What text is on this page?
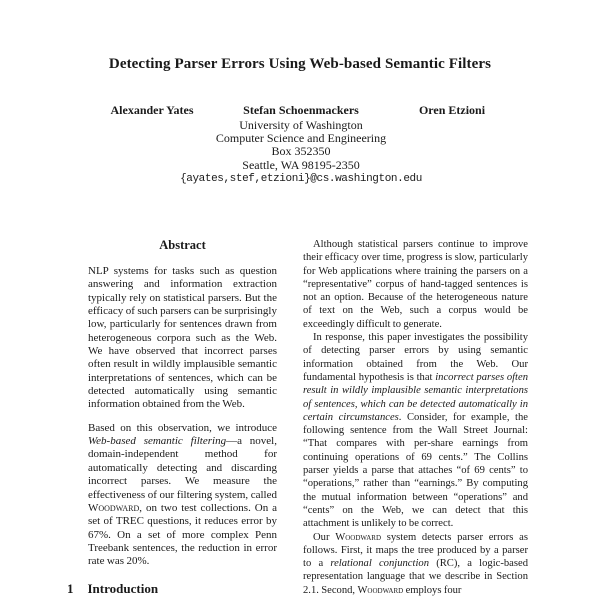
Detecting Parser Errors Using Web-based Semantic Filters
Alexander Yates	Stefan Schoenmackers	Oren Etzioni
University of Washington
Computer Science and Engineering
Box 352350
Seattle, WA 98195-2350
{ayates,stef,etzioni}@cs.washington.edu
Abstract

NLP systems for tasks such as question answering and information extraction typically rely on statistical parsers. But the efficacy of such parsers can be surprisingly low, particularly for sentences drawn from heterogeneous corpora such as the Web. We have observed that incorrect parses often result in wildly implausible semantic interpretations of sentences, which can be detected automatically using semantic information obtained from the Web.

Based on this observation, we introduce Web-based semantic filtering—a novel, domain-independent method for automatically detecting and discarding incorrect parses. We measure the effectiveness of our filtering system, called Woodward, on two test collections. On a set of TREC questions, it reduces error by 67%. On a set of more complex Penn Treebank sentences, the reduction in error rate was 20%.

1 Introduction

Although statistical parsers continue to improve their efficacy over time, progress is slow, particularly for Web applications where training the parsers on a “representative” corpus of hand-tagged sentences is not an option. Because of the heterogeneous nature of text on the Web, such a corpus would be exceedingly difficult to generate.

In response, this paper investigates the possibility of detecting parser errors by using semantic information obtained from the Web. Our fundamental hypothesis is that incorrect parses often result in wildly implausible semantic interpretations of sentences, which can be detected automatically in certain circumstances. Consider, for example, the following sentence from the Wall Street Journal: “That compares with per-share earnings from continuing operations of 69 cents.” The Collins parser yields a parse that attaches “of 69 cents” to “operations,” rather than “earnings.” By computing the mutual information between “operations” and “cents” on the Web, we can detect that this attachment is unlikely to be correct.

Our Woodward system detects parser errors as follows. First, it maps the tree produced by a parser to a relational conjunction (RC), a logic-based representation language that we describe in Section 2.1. Second, Woodward employs four
